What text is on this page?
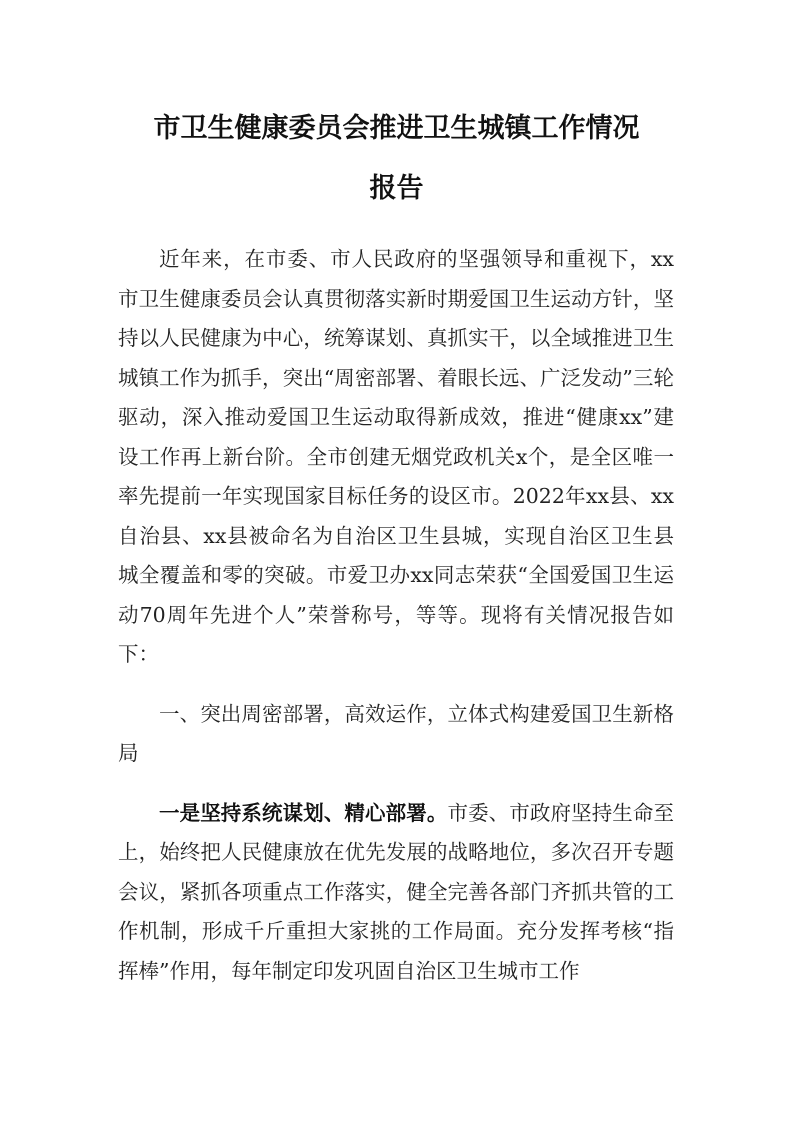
市卫生健康委员会推进卫生城镇工作情况
报告

近年来，在市委、市人民政府的坚强领导和重视下，xx市卫生健康委员会认真贯彻落实新时期爱国卫生运动方针，坚持以人民健康为中心，统筹谋划、真抓实干，以全域推进卫生城镇工作为抓手，突出“周密部署、着眼长远、广泛发动”三轮驱动，深入推动爱国卫生运动取得新成效，推进“健康xx”建设工作再上新台阶。全市创建无烟党政机关x个，是全区唯一率先提前一年实现国家目标任务的设区市。2022年xx县、xx自治县、xx县被命名为自治区卫生县城，实现自治区卫生县城全覆盖和零的突破。市爱卫办xx同志荣获“全国爱国卫生运动70周年先进个人”荣誉称号，等等。现将有关情况报告如下：

一、突出周密部署，高效运作，立体式构建爱国卫生新格局

一是坚持系统谋划、精心部署。市委、市政府坚持生命至上，始终把人民健康放在优先发展的战略地位，多次召开专题会议，紧抓各项重点工作落实，健全完善各部门齐抓共管的工作机制，形成千斤重担大家挑的工作局面。充分发挥考核“指挥棒”作用，每年制定印发巩固自治区卫生城市工作
